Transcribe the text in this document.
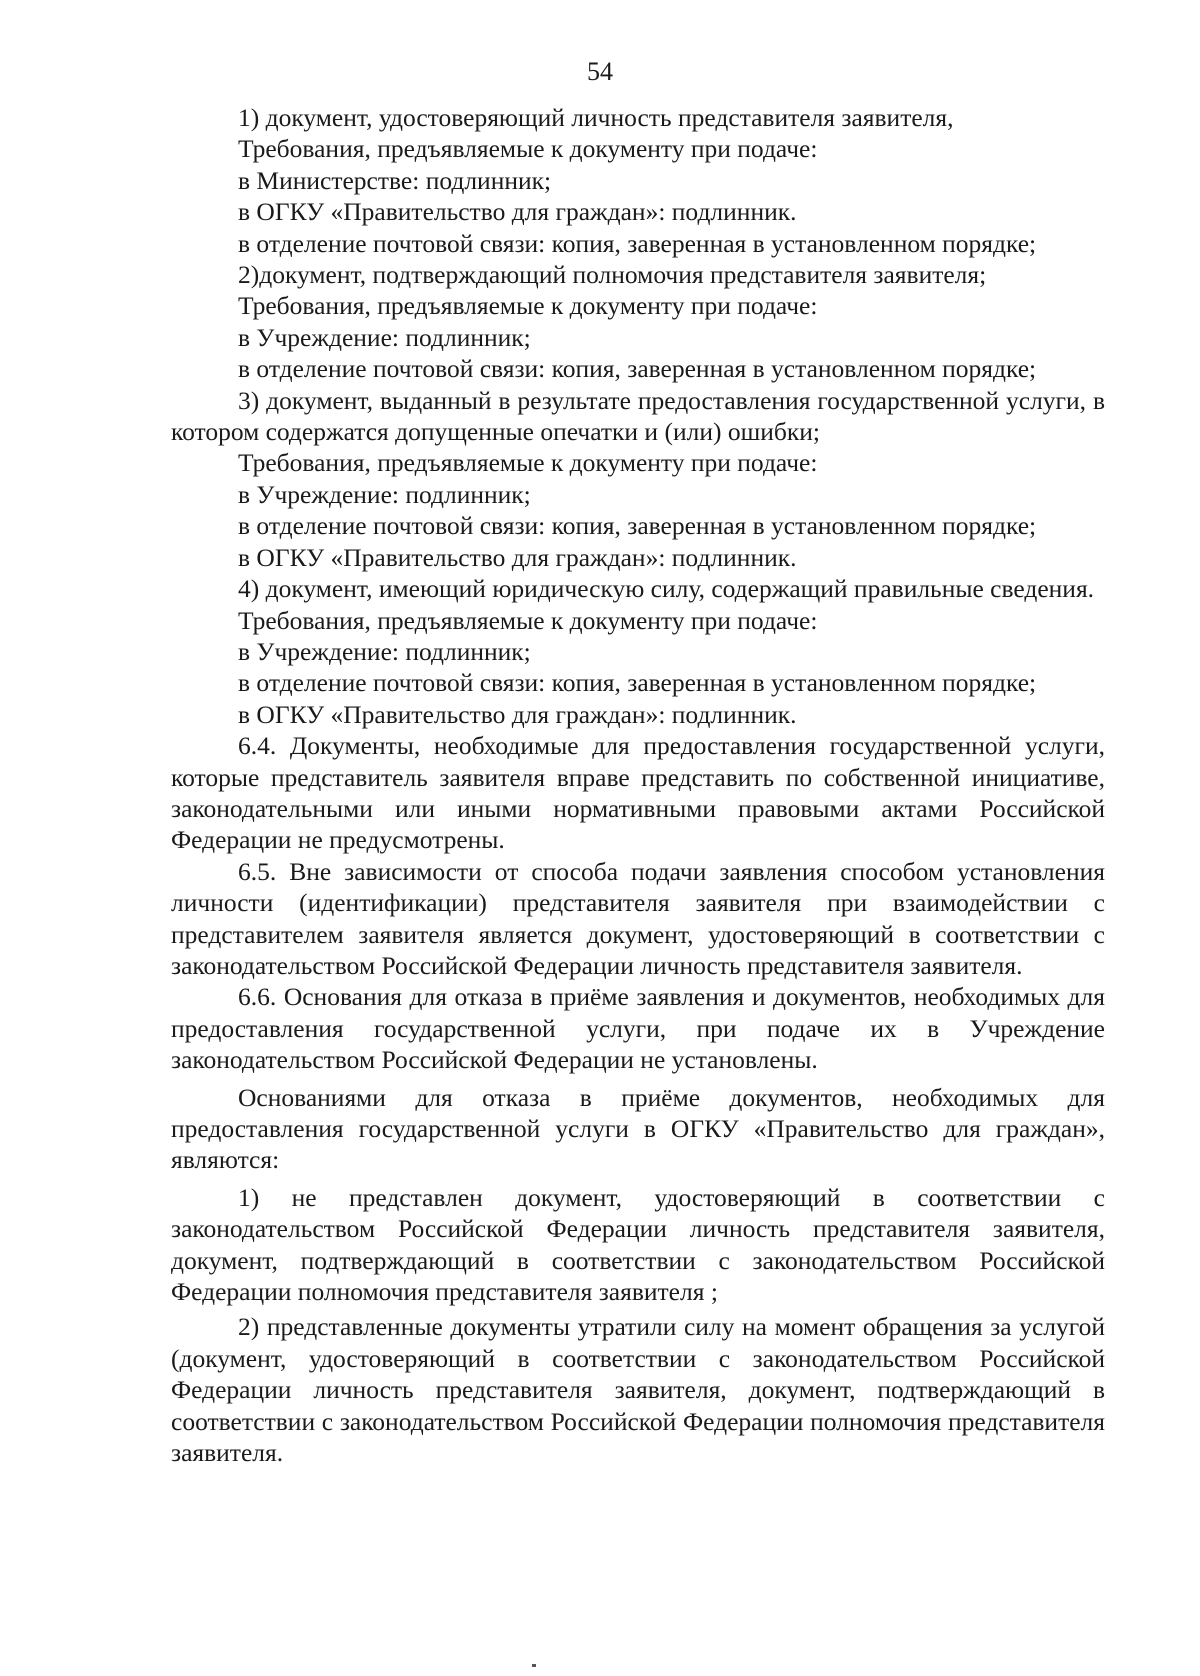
54

1) документ, удостоверяющий личность представителя заявителя,

Требования, предъявляемые к документу при подаче:

в Министерстве: подлинник;

в ОГКУ «Правительство для граждан»: подлинник.

в отделение почтовой связи: копия, заверенная в установленном порядке;

2)документ, подтверждающий полномочия представителя заявителя;

Требования, предъявляемые к документу при подаче:

в Учреждение: подлинник;

в отделение почтовой связи: копия, заверенная в установленном порядке;

3) документ, выданный в результате предоставления государственной услуги, в котором содержатся допущенные опечатки и (или) ошибки;

Требования, предъявляемые к документу при подаче:

в Учреждение: подлинник;

в отделение почтовой связи: копия, заверенная в установленном порядке;

в ОГКУ «Правительство для граждан»: подлинник.

4) документ, имеющий юридическую силу, содержащий правильные сведения.

Требования, предъявляемые к документу при подаче:

в Учреждение: подлинник;

в отделение почтовой связи: копия, заверенная в установленном порядке;

в ОГКУ «Правительство для граждан»: подлинник.

6.4. Документы, необходимые для предоставления государственной услуги, которые представитель заявителя вправе представить по собственной инициативе, законодательными или иными нормативными правовыми актами Российской Федерации не предусмотрены.

6.5. Вне зависимости от способа подачи заявления способом установления личности (идентификации) представителя заявителя при взаимодействии с представителем заявителя является документ, удостоверяющий в соответствии с законодательством Российской Федерации личность представителя заявителя.

6.6. Основания для отказа в приёме заявления и документов, необходимых для предоставления государственной услуги, при подаче их в Учреждение законодательством Российской Федерации не установлены.

Основаниями для отказа в приёме документов, необходимых для предоставления государственной услуги в ОГКУ «Правительство для граждан», являются:

1) не представлен документ, удостоверяющий в соответствии с законодательством Российской Федерации личность представителя заявителя, документ, подтверждающий в соответствии с законодательством Российской Федерации полномочия представителя заявителя ;

2) представленные документы утратили силу на момент обращения за услугой (документ, удостоверяющий в соответствии с законодательством Российской Федерации личность представителя заявителя, документ, подтверждающий в соответствии с законодательством Российской Федерации полномочия представителя заявителя.
